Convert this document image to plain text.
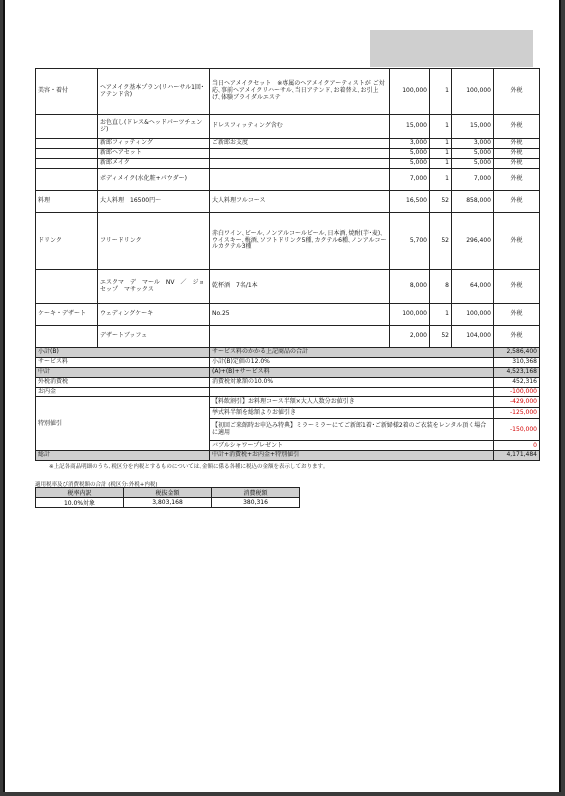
美容・着付	ヘアメイク基本プラン(リハーサル1回･アテンド含)	当日ヘアメイクセット　※専属のヘアメイクアーティストが ご対応､事前ヘアメイクリハーサル､当日アテンド､お着替え､お引上げ､体験ブライダルエステ	100,000	1	100,000	外税
	お色直し(ドレス&ヘッドパーツチェンジ)	ドレスフィッティング含む	15,000	1	15,000	外税
	新郎フィッティング	ご新郎お支度	3,000	1	3,000	外税
	新郎ヘアセット		5,000	1	5,000	外税
	新郎メイク		5,000	1	5,000	外税
	ボディメイク(水化粧+パウダー)		7,000	1	7,000	外税
料理	大人料理　16500円～	大人料理フルコース	16,500	52	858,000	外税
ドリンク	フリードリンク	赤白ワイン､ビール､ノンアルコールビール､日本酒､焼酎(芋･麦)､ウイスキー､梅酒､ソフトドリンク5種､カクテル6種､ノンアルコールカクテル3種	5,700	52	296,400	外税
	エスクマ　デ　マール　NV　／　ジョセップ　マサックス	乾杯酒　7名/1本	8,000	8	64,000	外税
ケーキ・デザート	ウェディングケーキ	No.25	100,000	1	100,000	外税
	デザートブッフェ		2,000	52	104,000	外税
小計(B)		サービス料のかかる上記商品の合計				2,586,400
サービス料		小計(B)定価の12.0%				310,368
中計		(A)+(B)+サービス料				4,523,168
外税消費税		消費税対象額の10.0%				452,316
お内金						-100,000
特別値引		【料飲割引】お料理コース半額×大人人数分お値引き				-429,000
		挙式料半額を総額よりお値引き				-125,000
		【初回ご来館時お申込み特典】ミラーミラーにてご新郎1着･ご新婦様2着のご衣装をレンタル頂く場合に適用				-150,000
		バブルシャワープレゼント				0
総計		中計+消費税+お内金+特別値引				4,171,484
※上記各商品明細のうち､税区分を内税とするものについては､金額に係る各種に税込の金額を表示しております｡
適用税率及び消費税額の合計 (税区分:外税+内税)
税率内訳	税抜金額	消費税額
10.0%対象	3,803,168	380,316
